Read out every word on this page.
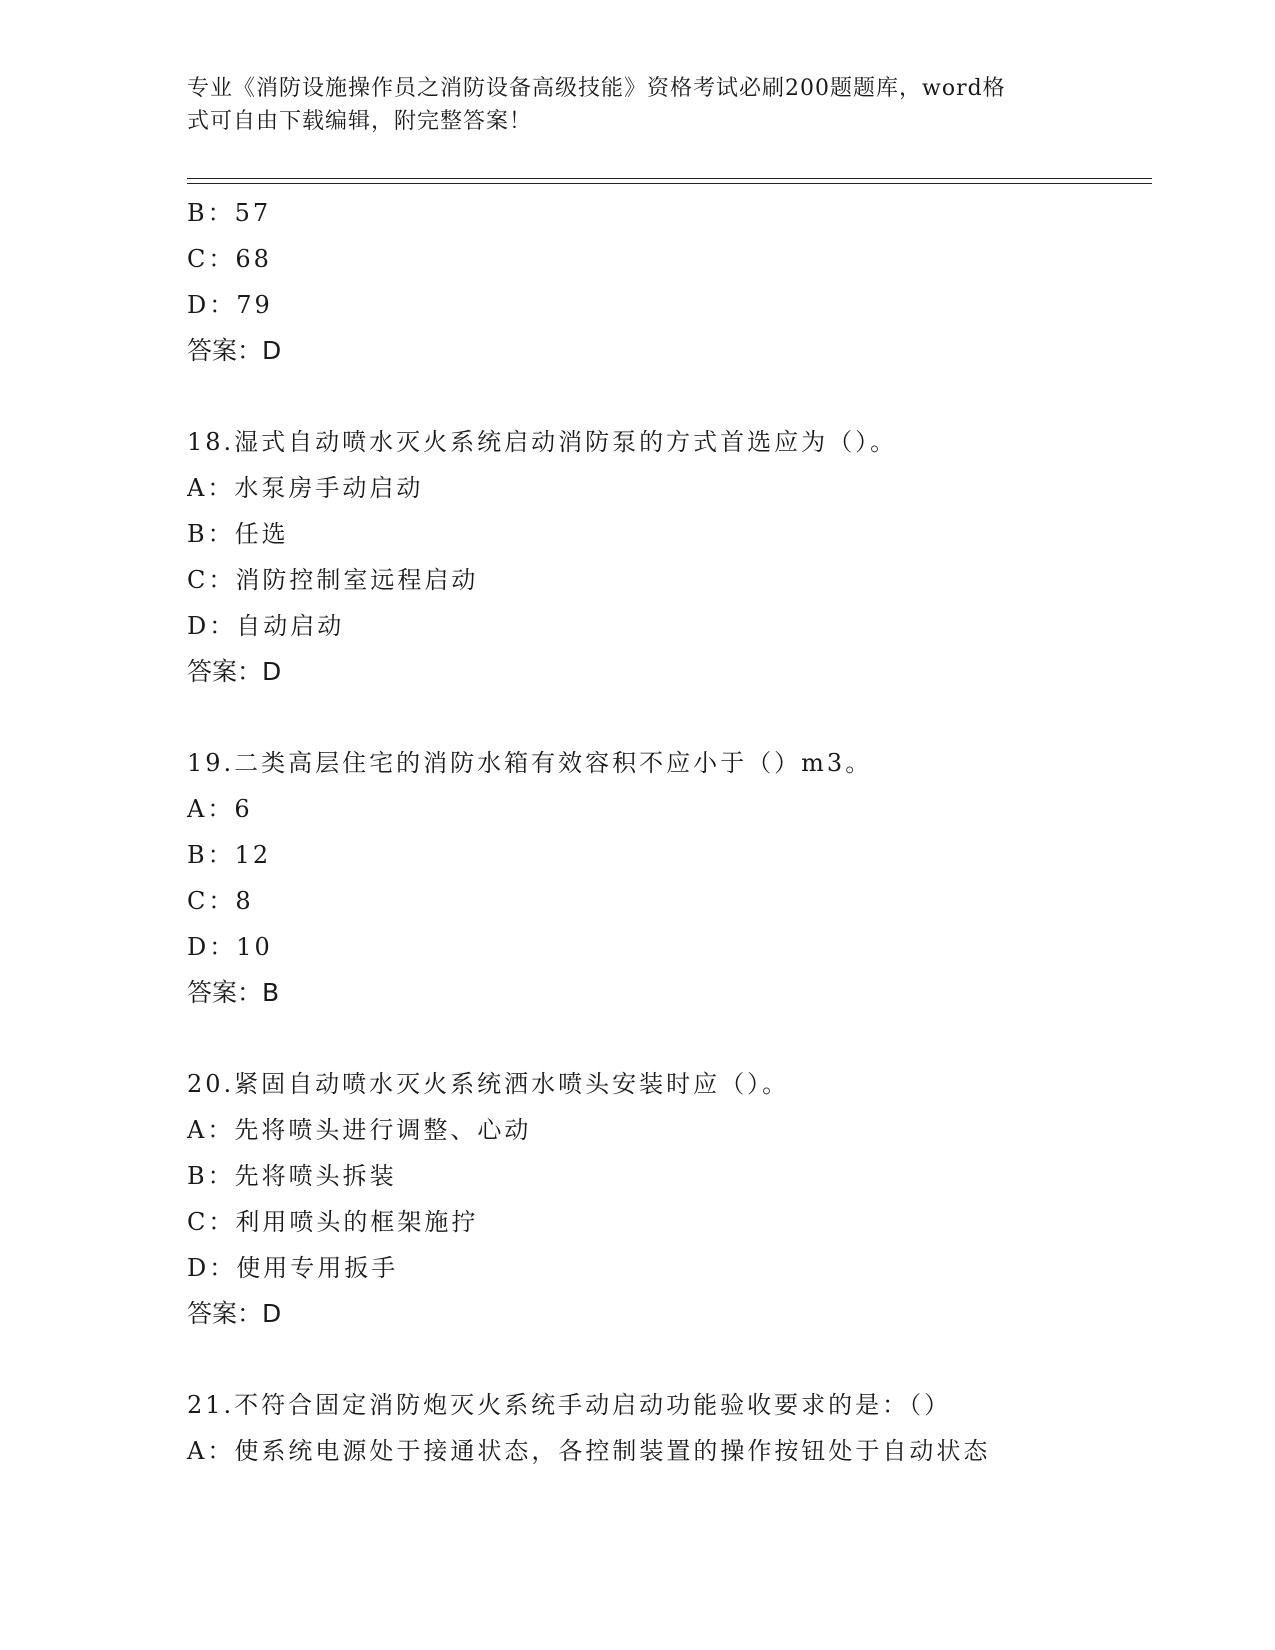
专业《消防设施操作员之消防设备高级技能》资格考试必刷200题题库，word格
式可自由下载编辑，附完整答案！
B：57
C：68
D：79
答案：D
18.湿式自动喷水灭火系统启动消防泵的方式首选应为（）。
A：水泵房手动启动
B：任选
C：消防控制室远程启动
D：自动启动
答案：D
19.二类高层住宅的消防水箱有效容积不应小于（）m3。
A：6
B：12
C：8
D：10
答案：B
20.紧固自动喷水灭火系统洒水喷头安装时应（）。
A：先将喷头进行调整、心动
B：先将喷头拆装
C：利用喷头的框架施拧
D：使用专用扳手
答案：D
21.不符合固定消防炮灭火系统手动启动功能验收要求的是：（）
A：使系统电源处于接通状态，各控制装置的操作按钮处于自动状态
